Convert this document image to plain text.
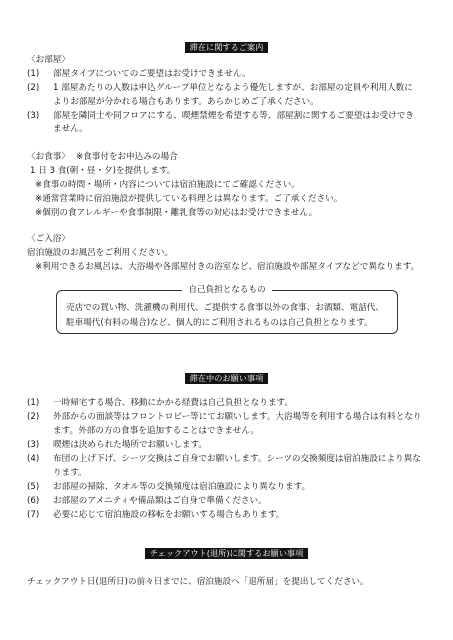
滞在に関するご案内
〈お部屋〉
(1) 部屋タイプについてのご要望はお受けできません。
(2) 1 部屋あたりの人数は申込グループ単位となるよう優先しますが、お部屋の定員や利用人数に
よりお部屋が分かれる場合もあります。あらかじめご了承ください。
(3) 部屋を隣同士や同フロアにする、喫煙禁煙を希望する等、部屋割に関するご要望はお受けでき
ません。
〈お食事〉 ※食事付をお申込みの場合
1 日 3 食(朝・昼・夕)を提供します。
※食事の時間・場所・内容については宿泊施設にてご確認ください。
※通常営業時に宿泊施設が提供している料理とは異なります。ご了承ください。
※個別の食アレルギーや食事制限・離乳食等の対応はお受けできません。
〈ご入浴〉
宿泊施設のお風呂をご利用ください。
※利用できるお風呂は、大浴場や各部屋付きの浴室など、宿泊施設や部屋タイプなどで異なります。
自己負担となるもの
売店での買い物、洗濯機の利用代、ご提供する食事以外の食事、お酒類、電話代、
駐車場代(有料の場合)など、個人的にご利用されるものは自己負担となります。
滞在中のお願い事項
(1) 一時帰宅する場合、移動にかかる経費は自己負担となります。
(2) 外部からの面談等はフロントロビー等にてお願いします。大浴場等を利用する場合は有料となり
ます。外部の方の食事を追加することはできません。
(3) 喫煙は決められた場所でお願いします。
(4) 布団の上げ下げ、シーツ交換はご自身でお願いします。シーツの交換頻度は宿泊施設により異な
ります。
(5) お部屋の掃除、タオル等の交換頻度は宿泊施設により異なります。
(6) お部屋のアメニティや備品類はご自身で準備ください。
(7) 必要に応じて宿泊施設の移転をお願いする場合もあります。
チェックアウト(退所)に関するお願い事項
チェックアウト日(退所日)の前々日までに、宿泊施設へ「退所届」を提出してください。
